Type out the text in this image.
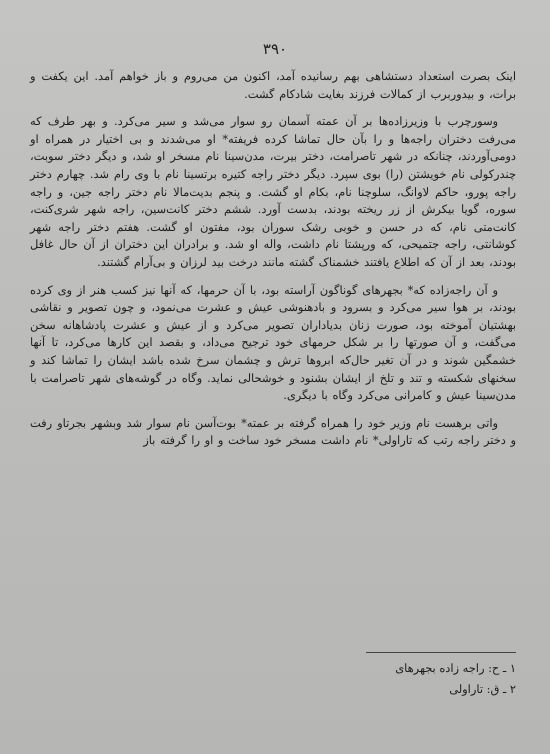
۳۹۰

اینک بصرت استعداد دستشاهی بهم رسانیده آمد، اکنون من می‌روم و باز خواهم آمد. این یکفت و برات، و بیدوربرب از کمالات فرزند بغایت شادکام گشت.

وسورچرب با وزیرزاده‌ها بر آن عمته آسمان رو سوار می‌شد و سیر می‌کرد. و بهر طرف که می‌رفت دختران راجه‌ها و را بآن حال تماشا کرده فریفته* او می‌شدند و بی اختیار در همراه او دومی‌آوردند، چنانکه در شهر تاصرامت، دختر بیرت، مدن‌سینا نام مسخر او شد، و دیگر دختر سوبت، چندرکولی نام خویشتن (را) بوی سپرد. دیگر دختر راجه کتیره برتسینا نام با وی رام شد. چهارم دختر راجه پورو، حاکم لاوانگ، سلوچنا نام، بکام او گشت. و پنجم بدیت‌مالا نام دختر راجه جین، و راجه سوره، گویا بیکرش از زر ریخته بودند، بدست آورد. ششم دختر کانت‌سین، راجه شهر شری‌کنت، کانت‌متی نام، که در حسن و خوبی رشک سوران بود، مفتون او گشت. هفتم دختر راجه شهر کوشانتی، راجه جتمیحی، که ورپشتا نام داشت، واله او شد. و برادران این دختران از آن حال غافل بودند، بعد از آن که اطلاع یافتند خشمناک گشته مانند درخت بید لرزان و بی‌آرام گشتند.

و آن راجه‌زاده که* بجهرهای گوناگون آراسته بود، با آن حرمها، که آنها نیز کسب هنر از وی کرده بودند، بر هوا سیر می‌کرد و بسرود و بادهنوشی عیش و عشرت می‌نمود، و چون تصویر و نقاشی بهشتیان آموخته بود، صورت زنان بدیاداران تصویر می‌کرد و از عیش و عشرت پادشاهانه سخن می‌گفت، و آن صورتها را بر شکل حرمهای خود ترجیح می‌داد، و بقصد این کارها می‌کرد، تا آنها خشمگین شوند و در آن تغیر حال‌که ابروها ترش و چشمان سرخ شده باشد ایشان را تماشا کند و سخنهای شکسته و تند و تلخ از ایشان بشنود و خوشحالی نماید. وگاه در گوشه‌های شهر تاصرامت با مدن‌سینا عیش و کامرانی می‌کرد وگاه با دیگری.

واتی برهست نام وزیر خود را همراه گرفته بر عمته* بوت‌آسن نام سوار شد وبشهر بجرتاو رفت و دختر راجه رتب که تاراولی* نام داشت مسخر خود ساخت و او را گرفته باز

۱ ـ ح: راجه زاده بجهرهای
۲ ـ ق: تاراولی
